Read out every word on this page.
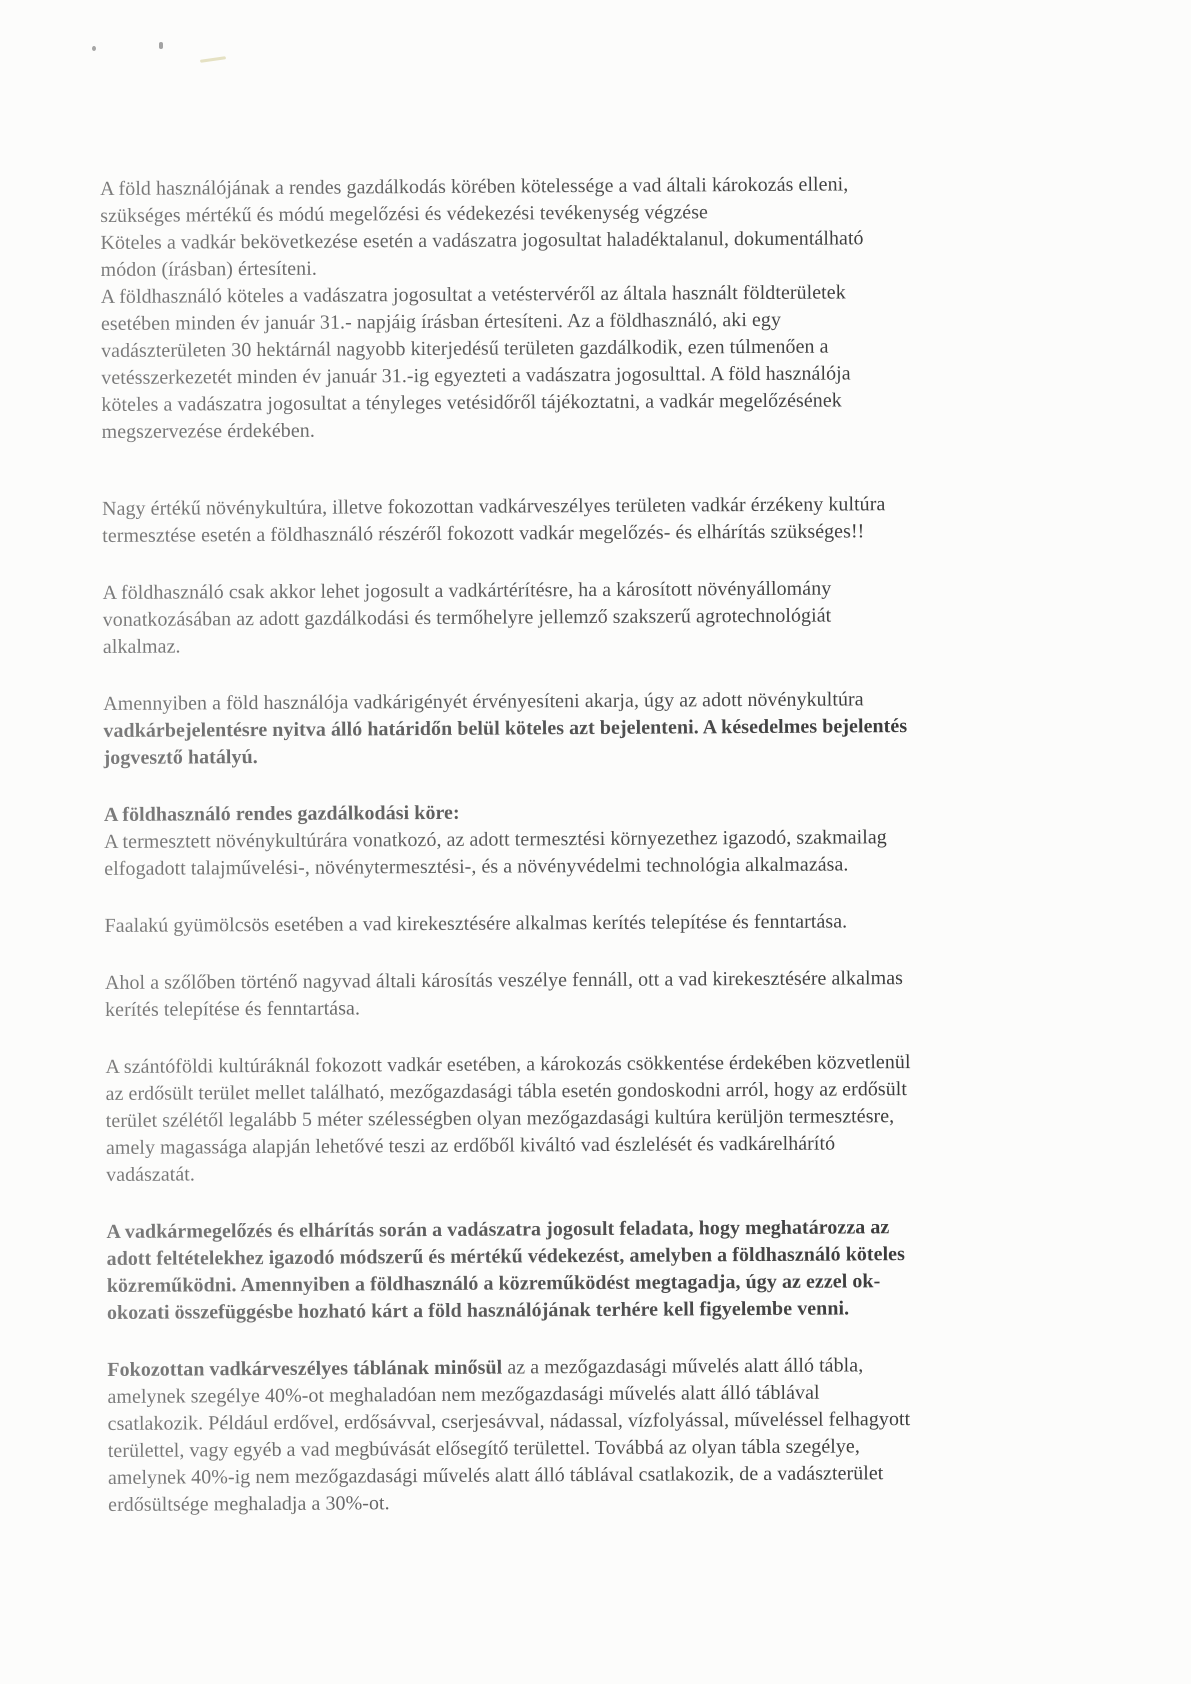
A föld használójának a rendes gazdálkodás körében kötelessége a vad általi károkozás elleni,
szükséges mértékű és módú megelőzési és védekezési tevékenység végzése
Köteles a vadkár bekövetkezése esetén a vadászatra jogosultat haladéktalanul, dokumentálható
módon (írásban) értesíteni.
A földhasználó köteles a vadászatra jogosultat a vetéstervéről az általa használt földterületek
esetében minden év január 31.- napjáig írásban értesíteni. Az a földhasználó, aki egy
vadászterületen 30 hektárnál nagyobb kiterjedésű területen gazdálkodik, ezen túlmenően a
vetésszerkezetét minden év január 31.-ig egyezteti a vadászatra jogosulttal. A föld használója
köteles a vadászatra jogosultat a tényleges vetésidőről tájékoztatni, a vadkár megelőzésének
megszervezése érdekében.
Nagy értékű növénykultúra, illetve fokozottan vadkárveszélyes területen vadkár érzékeny kultúra
termesztése esetén a földhasználó részéről fokozott vadkár megelőzés- és elhárítás szükséges!!
A földhasználó csak akkor lehet jogosult a vadkártérítésre, ha a károsított növényállomány
vonatkozásában az adott gazdálkodási és termőhelyre jellemző szakszerű agrotechnológiát
alkalmaz.
Amennyiben a föld használója vadkárigényét érvényesíteni akarja, úgy az adott növénykultúra
vadkárbejelentésre nyitva álló határidőn belül köteles azt bejelenteni. A késedelmes bejelentés
jogvesztő hatályú.
A földhasználó rendes gazdálkodási köre:
A termesztett növénykultúrára vonatkozó, az adott termesztési környezethez igazodó, szakmailag
elfogadott talajművelési-, növénytermesztési-, és a növényvédelmi technológia alkalmazása.
Faalakú gyümölcsös esetében a vad kirekesztésére alkalmas kerítés telepítése és fenntartása.
Ahol a szőlőben történő nagyvad általi károsítás veszélye fennáll, ott a vad kirekesztésére alkalmas
kerítés telepítése és fenntartása.
A szántóföldi kultúráknál fokozott vadkár esetében, a károkozás csökkentése érdekében közvetlenül
az erdősült terület mellet található, mezőgazdasági tábla esetén gondoskodni arról, hogy az erdősült
terület szélétől legalább 5 méter szélességben olyan mezőgazdasági kultúra kerüljön termesztésre,
amely magassága alapján lehetővé teszi az erdőből kiváltó vad észlelését és vadkárelhárító
vadászatát.
A vadkármegelőzés és elhárítás során a vadászatra jogosult feladata, hogy meghatározza az
adott feltételekhez igazodó módszerű és mértékű védekezést, amelyben a földhasználó köteles
közreműködni. Amennyiben a földhasználó a közreműködést megtagadja, úgy az ezzel ok-
okozati összefüggésbe hozható kárt a föld használójának terhére kell figyelembe venni.
Fokozottan vadkárveszélyes táblának minősül az a mezőgazdasági művelés alatt álló tábla,
amelynek szegélye 40%-ot meghaladóan nem mezőgazdasági művelés alatt álló táblával
csatlakozik. Például erdővel, erdősávval, cserjesávval, nádassal, vízfolyással, műveléssel felhagyott
területtel, vagy egyéb a vad megbúvását elősegítő területtel. Továbbá az olyan tábla szegélye,
amelynek 40%-ig nem mezőgazdasági művelés alatt álló táblával csatlakozik, de a vadászterület
erdősültsége meghaladja a 30%-ot.
